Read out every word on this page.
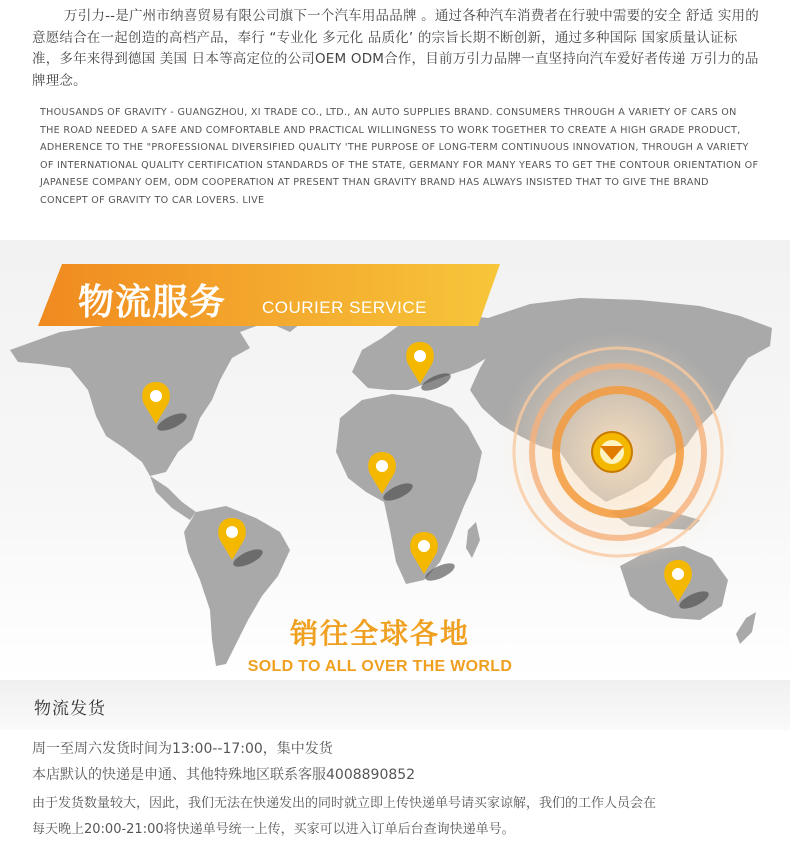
万引力--是广州市纳喜贸易有限公司旗下一个汽车用品品牌 。通过各种汽车消费者在行驶中需要的安全 舒适 实用的意愿结合在一起创造的高档产品，奉行 “专业化 多元化 品质化’ 的宗旨长期不断创新，通过多种国际 国家质量认证标准，多年来得到德国 美国 日本等高定位的公司OEM ODM合作，目前万引力品牌一直坚持向汽车爱好者传递 万引力的品牌理念。
THOUSANDS OF GRAVITY - GUANGZHOU, XI TRADE CO., LTD., AN AUTO SUPPLIES BRAND. CONSUMERS THROUGH A VARIETY OF CARS ON THE ROAD NEEDED A SAFE AND COMFORTABLE AND PRACTICAL WILLINGNESS TO WORK TOGETHER TO CREATE A HIGH GRADE PRODUCT, ADHERENCE TO THE "PROFESSIONAL DIVERSIFIED QUALITY 'THE PURPOSE OF LONG-TERM CONTINUOUS INNOVATION, THROUGH A VARIETY OF INTERNATIONAL QUALITY CERTIFICATION STANDARDS OF THE STATE, GERMANY FOR MANY YEARS TO GET THE CONTOUR ORIENTATION OF JAPANESE COMPANY OEM, ODM COOPERATION AT PRESENT THAN GRAVITY BRAND HAS ALWAYS INSISTED THAT TO GIVE THE BRAND CONCEPT OF GRAVITY TO CAR LOVERS. LIVE
物流服务 COURIER SERVICE
销往全球各地
SOLD TO ALL OVER THE WORLD
物流发货
周一至周六发货时间为13:00--17:00，集中发货
本店默认的快递是申通、其他特殊地区联系客服4008890852
由于发货数量较大，因此，我们无法在快递发出的同时就立即上传快递单号请买家谅解，我们的工作人员会在
每天晚上20:00-21:00将快递单号统一上传，买家可以进入订单后台查询快递单号。
